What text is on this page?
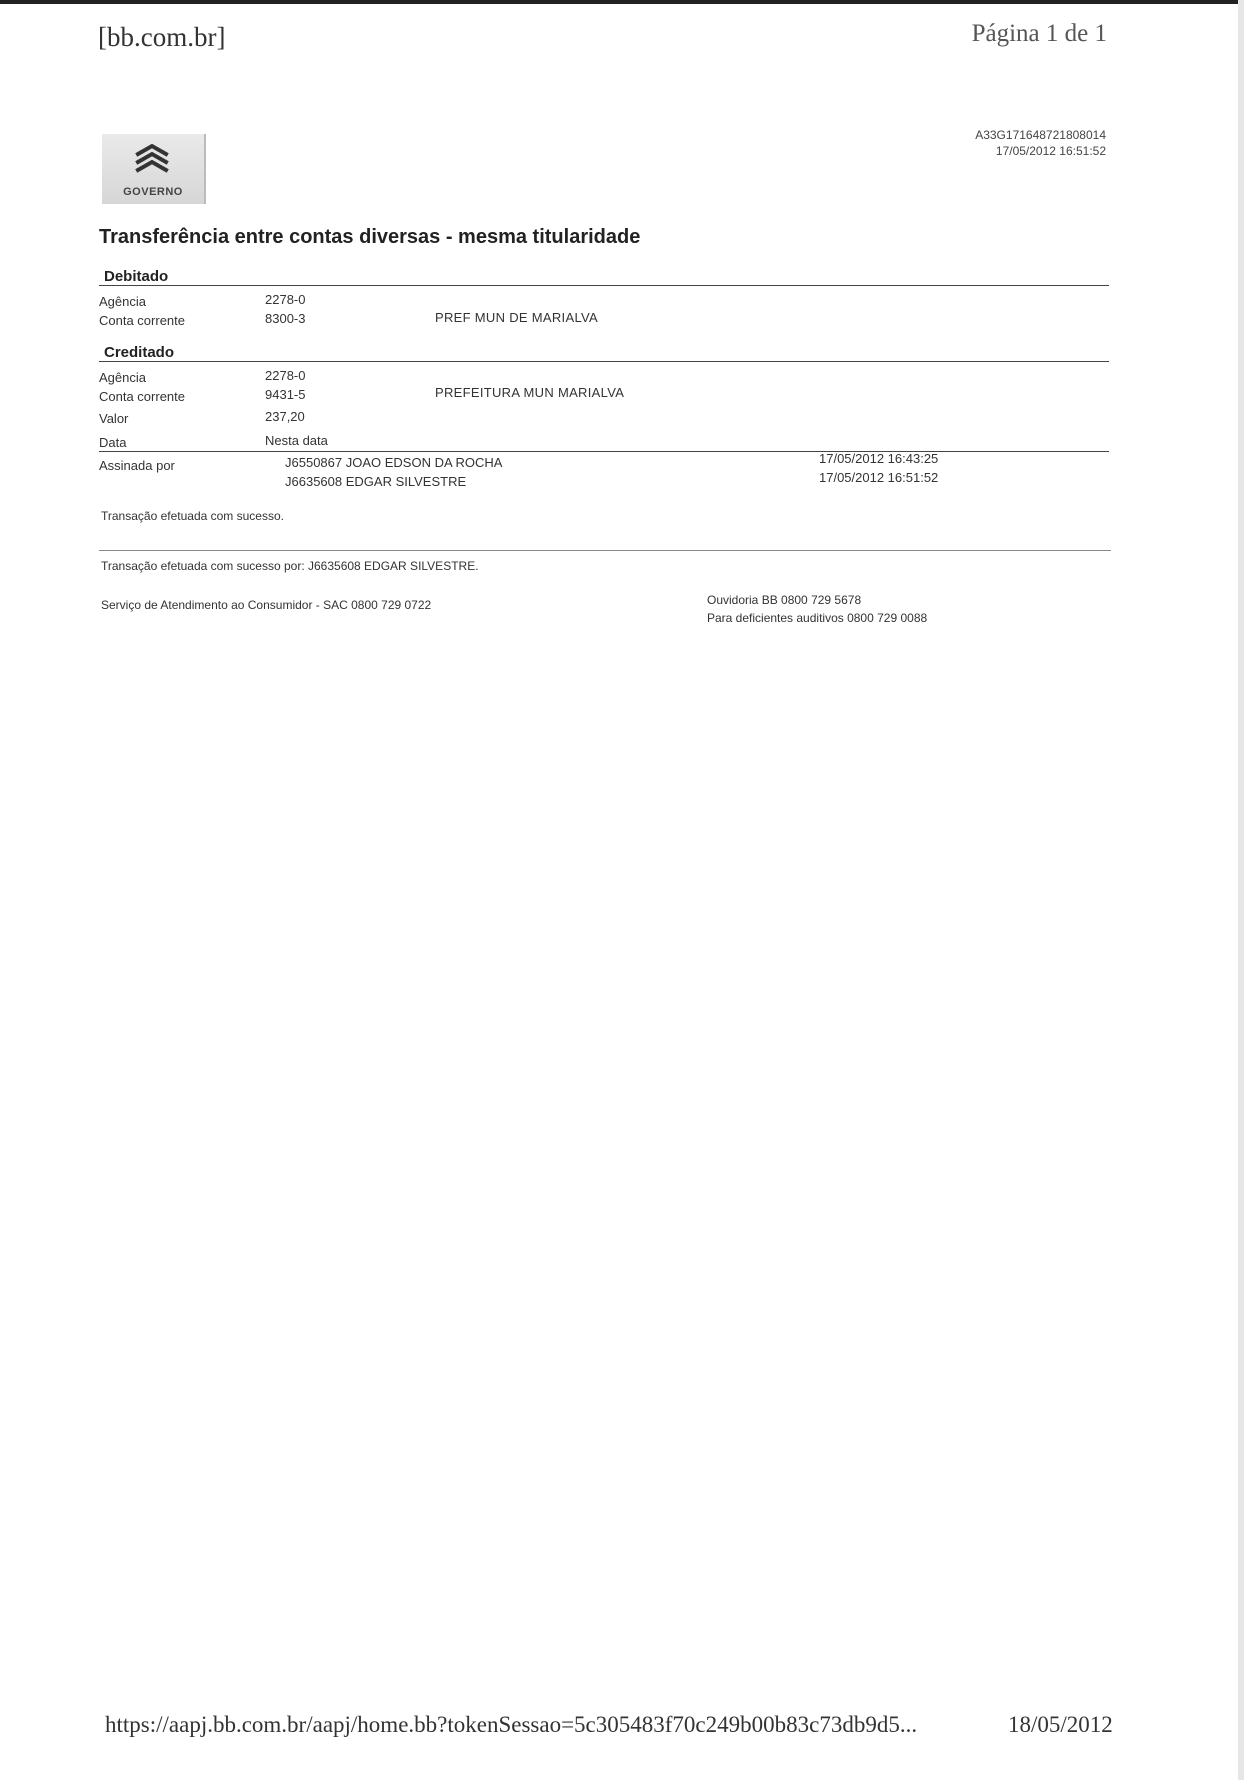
[bb.com.br]	Página 1 de 1
GOVERNO
A33G171648721808014
17/05/2012 16:51:52
Transferência entre contas diversas - mesma titularidade
Debitado
Agência	2278-0
Conta corrente	8300-3	PREF MUN DE MARIALVA
Creditado
Agência	2278-0
Conta corrente	9431-5	PREFEITURA MUN MARIALVA
Valor	237,20
Data	Nesta data
Assinada por	J6550867 JOAO EDSON DA ROCHA	17/05/2012 16:43:25
J6635608 EDGAR SILVESTRE	17/05/2012 16:51:52
Transação efetuada com sucesso.
Transação efetuada com sucesso por: J6635608 EDGAR SILVESTRE.
Serviço de Atendimento ao Consumidor - SAC 0800 729 0722	Ouvidoria BB 0800 729 5678
Para deficientes auditivos 0800 729 0088
https://aapj.bb.com.br/aapj/home.bb?tokenSessao=5c305483f70c249b00b83c73db9d5...	18/05/2012
